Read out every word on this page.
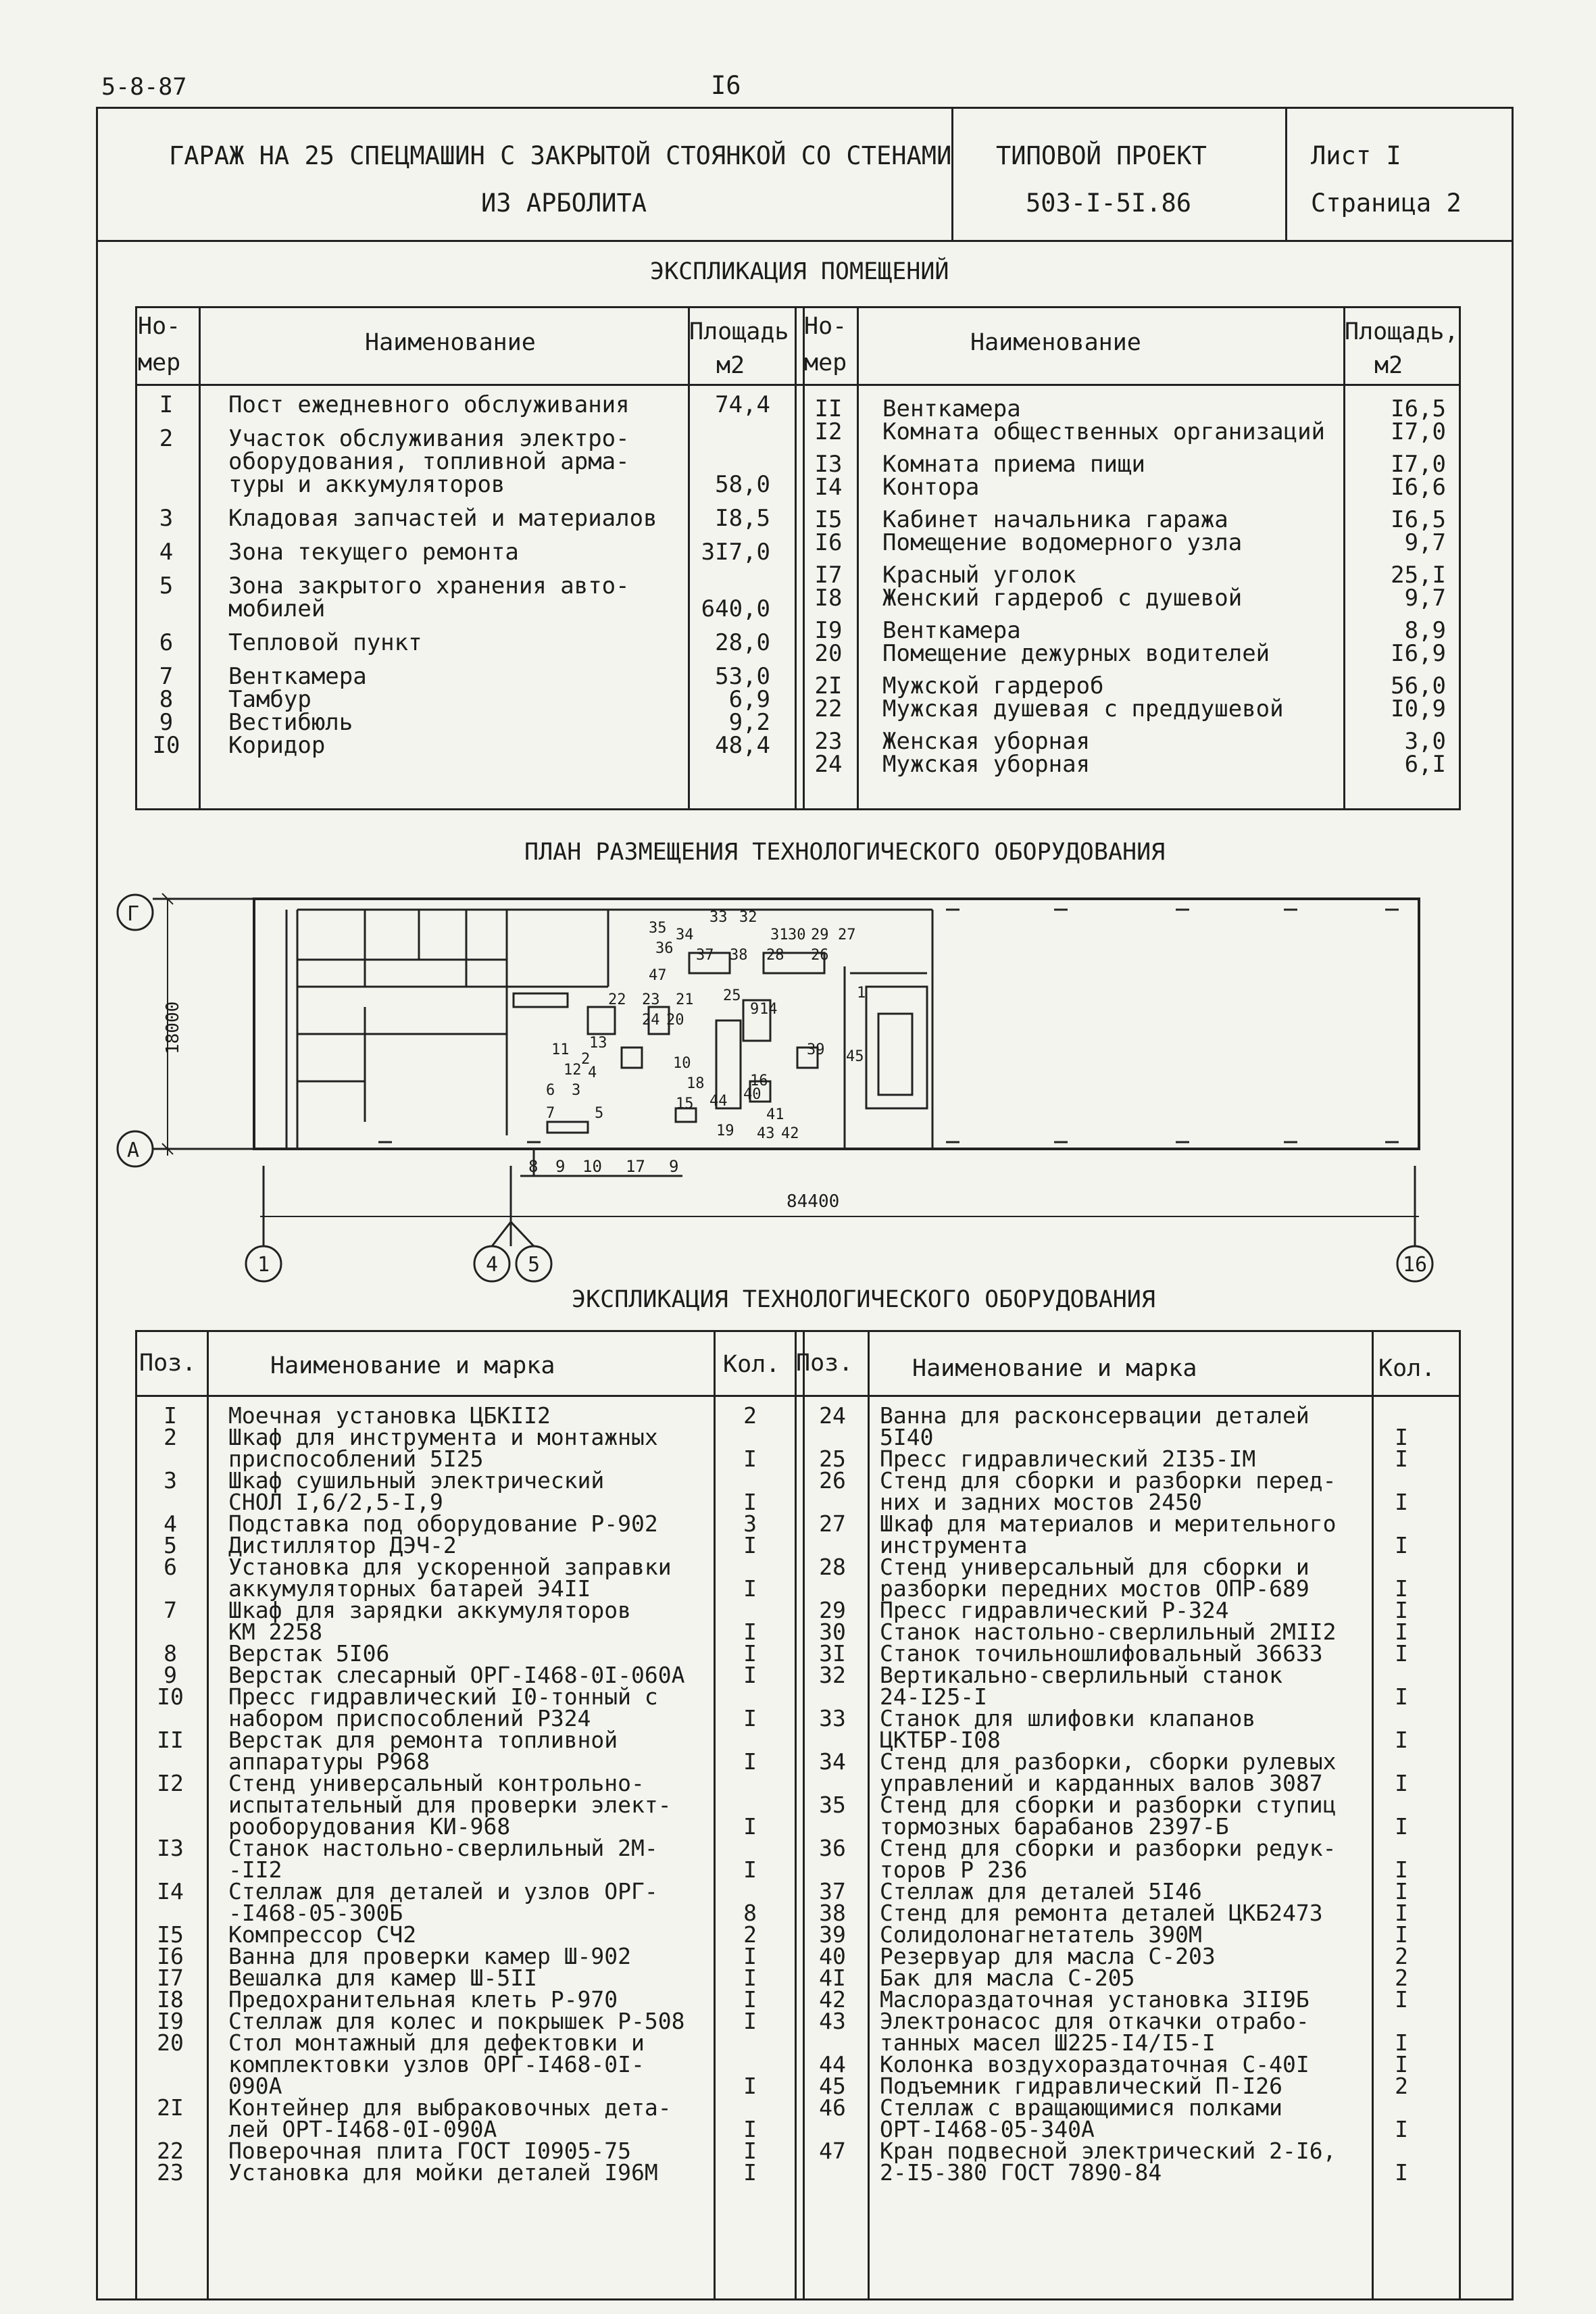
5-8-87	I6
ГАРАЖ НА 25 СПЕЦМАШИН С ЗАКРЫТОЙ СТОЯНКОЙ СО СТЕНАМИ
ИЗ АРБОЛИТА
ТИПОВОЙ ПРОЕКТ
503-I-5I.86
Лист I
Страница 2
ЭКСПЛИКАЦИЯ ПОМЕЩЕНИЙ
Но-
мер
Наименование	Площадь
м2
Но-
мер
Наименование	Площадь,
м2
I Пост ежедневного обслуживания	74,4
2 Участок обслуживания электро-
оборудования, топливной арма-
туры и аккумуляторов	58,0
3 Кладовая запчастей и материалов	I8,5
4 Зона текущего ремонта	3I7,0
5 Зона закрытого хранения авто-
мобилей	640,0
6 Тепловой пункт	28,0
7 Венткамера	53,0
8 Тамбур	6,9
9 Вестибюль	9,2
I0 Коридор	48,4
II Венткамера	I6,5
I2 Комната общественных организаций	I7,0
I3 Комната приема пищи	I7,0
I4 Контора	I6,6
I5 Кабинет начальника гаража	I6,5
I6 Помещение водомерного узла	9,7
I7 Красный уголок	25,I
I8 Женский гардероб с душевой	9,7
I9 Венткамера	8,9
20 Помещение дежурных водителей	I6,9
2I Мужской гардероб	56,0
22 Мужская душевая с преддушевой	I0,9
23 Женская уборная	3,0
24 Мужская уборная	6,I
ПЛАН РАЗМЕЩЕНИЯ ТЕХНОЛОГИЧЕСКОГО ОБОРУДОВАНИЯ
Г
А
1	4 5	16
84400
18000
8 9 10 17 9
35 34
33 32
31 30 29 27
36 37 38 28 26
22 23 21 25
9 14
47
24 20
13
11
12
2
4
3
6
7	5
10
18
15
16
44
39
19
40
41
43 42
45
1
ЭКСПЛИКАЦИЯ ТЕХНОЛОГИЧЕСКОГО ОБОРУДОВАНИЯ
Поз.	Наименование и марка	Кол. Поз.	Наименование и марка	Кол.
I Моечная установка ЦБКII2	2
2 Шкаф для инструмента и монтажных
приспособлений 5I25	I
3 Шкаф сушильный электрический
СНОЛ I,6/2,5-I,9	I
4 Подставка под оборудование Р-902	3
5 Дистиллятор ДЭЧ-2	I
6 Установка для ускоренной заправки
аккумуляторных батарей Э4II	I
7 Шкаф для зарядки аккумуляторов
КМ 2258	I
8 Верстак 5I06	I
9 Верстак слесарный ОРГ-I468-0I-060А	I
I0 Пресс гидравлический I0-тонный с
набором приспособлений Р324	I
II Верстак для ремонта топливной
аппаратуры Р968	I
I2 Стенд универсальный контрольно-
испытательный для проверки элект-
рооборудования КИ-968	I
I3 Станок настольно-сверлильный 2М-
-II2	I
I4 Стеллаж для деталей и узлов ОРГ-
-I468-05-300Б	8
I5 Компрессор СЧ2	2
I6 Ванна для проверки камер Ш-902	I
I7 Вешалка для камер Ш-5II	I
I8 Предохранительная клеть Р-970	I
I9 Стеллаж для колес и покрышек Р-508	I
20 Стол монтажный для дефектовки и
комплектовки узлов ОРГ-I468-0I-
090А	I
2I Контейнер для выбраковочных дета-
лей ОРТ-I468-0I-090А	I
22 Поверочная плита ГОСТ I0905-75	I
23 Установка для мойки деталей I96М	I
24 Ванна для расконсервации деталей
5I40	I
25 Пресс гидравлический 2I35-IМ	I
26 Стенд для сборки и разборки перед-
них и задних мостов 2450	I
27 Шкаф для материалов и мерительного
инструмента	I
28 Стенд универсальный для сборки и
разборки передних мостов ОПР-689	I
29 Пресс гидравлический Р-324	I
30 Станок настольно-сверлильный 2МII2	I
3I Станок точильношлифовальный 36633	I
32 Вертикально-сверлильный станок
24-I25-I	I
33 Станок для шлифовки клапанов
ЦКТБР-I08	I
34 Стенд для разборки, сборки рулевых
управлений и карданных валов 3087	I
35 Стенд для сборки и разборки ступиц
тормозных барабанов 2397-Б	I
36 Стенд для сборки и разборки редук-
торов Р 236	I
37 Стеллаж для деталей 5I46	I
38 Стенд для ремонта деталей ЦКБ2473	I
39 Солидолонагнетатель 390М	I
40 Резервуар для масла С-203	2
4I Бак для масла С-205	2
42 Маслораздаточная установка 3II9Б	I
43 Электронасос для откачки отрабо-
танных масел Ш225-I4/I5-I	I
44 Колонка воздухораздаточная С-40I	I
45 Подъемник гидравлический П-I26	2
46 Стеллаж с вращающимися полками
ОРТ-I468-05-340А	I
47 Кран подвесной электрический 2-I6,
2-I5-380 ГОСТ 7890-84	I
